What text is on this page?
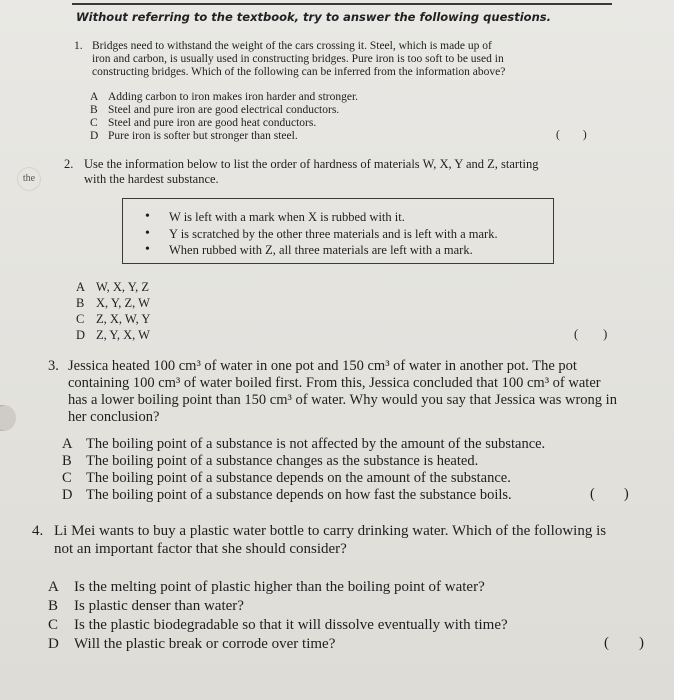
Without referring to the textbook, try to answer the following questions.
the
1. Bridges need to withstand the weight of the cars crossing it. Steel, which is made up of
iron and carbon, is usually used in constructing bridges. Pure iron is too soft to be used in
constructing bridges. Which of the following can be inferred from the information above?
A Adding carbon to iron makes iron harder and stronger.
B Steel and pure iron are good electrical conductors.
C Steel and pure iron are good heat conductors.
D Pure iron is softer but stronger than steel.	(        )
2. Use the information below to list the order of hardness of materials W, X, Y and Z, starting
with the hardest substance.
• W is left with a mark when X is rubbed with it.
• Y is scratched by the other three materials and is left with a mark.
• When rubbed with Z, all three materials are left with a mark.
A W, X, Y, Z
B X, Y, Z, W
C Z, X, W, Y
D Z, Y, X, W	(        )
3. Jessica heated 100 cm³ of water in one pot and 150 cm³ of water in another pot. The pot
containing 100 cm³ of water boiled first. From this, Jessica concluded that 100 cm³ of water
has a lower boiling point than 150 cm³ of water. Why would you say that Jessica was wrong in
her conclusion?
A The boiling point of a substance is not affected by the amount of the substance.
B The boiling point of a substance changes as the substance is heated.
C The boiling point of a substance depends on the amount of the substance.
D The boiling point of a substance depends on how fast the substance boils.	(        )
4. Li Mei wants to buy a plastic water bottle to carry drinking water. Which of the following is
not an important factor that she should consider?
A Is the melting point of plastic higher than the boiling point of water?
B Is plastic denser than water?
C Is the plastic biodegradable so that it will dissolve eventually with time?
D Will the plastic break or corrode over time?	(        )
